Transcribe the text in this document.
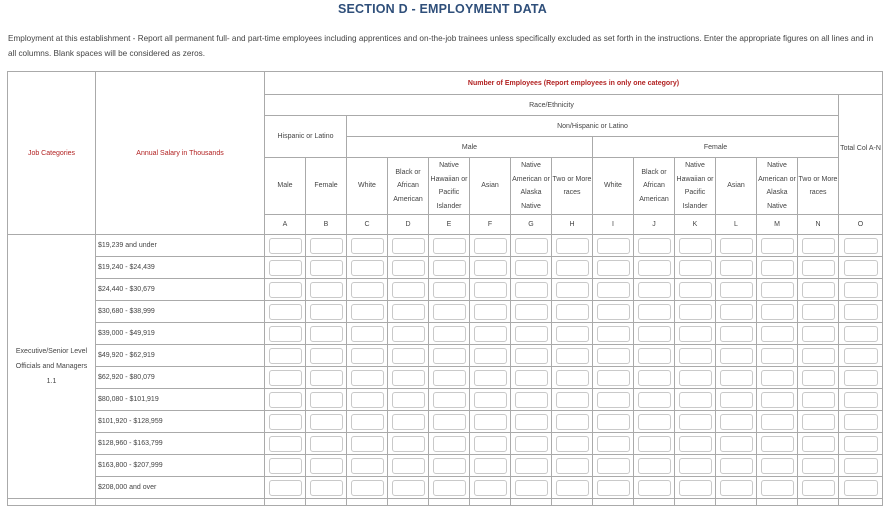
SECTION D - EMPLOYMENT DATA
Employment at this establishment - Report all permanent full- and part-time employees including apprentices and on-the-job trainees unless specifically excluded as set forth in the instructions. Enter the appropriate figures on all lines and in all columns. Blank spaces will be considered as zeros.
Job Categories	Annual Salary in Thousands	Number of Employees (Report employees in only one category)														
		Race/Ethnicity														Total Col A-N
		Hispanic or Latino		Non/Hispanic or Latino												
				Male						Female						
		Male	Female	White	Black or African American	Native Hawaiian or Pacific Islander	Asian	Native American or Alaska Native	Two or More races	White	Black or African American	Native Hawaiian or Pacific Islander	Asian	Native American or Alaska Native	Two or More races	
		A	B	C	D	E	F	G	H	I	J	K	L	M	N	O
Executive/Senior Level Officials and Managers 1.1	$19,239 and under	

	$19,240 - $24,439	

	$24,440 - $30,679	

	$30,680 - $38,999	

	$39,000 - $49,919	

	$49,920 - $62,919	

	$62,920 - $80,079	

	$80,080 - $101,919	

	$101,920 - $128,959	

	$128,960 - $163,799	

	$163,800 - $207,999	

	$208,000 and over	
